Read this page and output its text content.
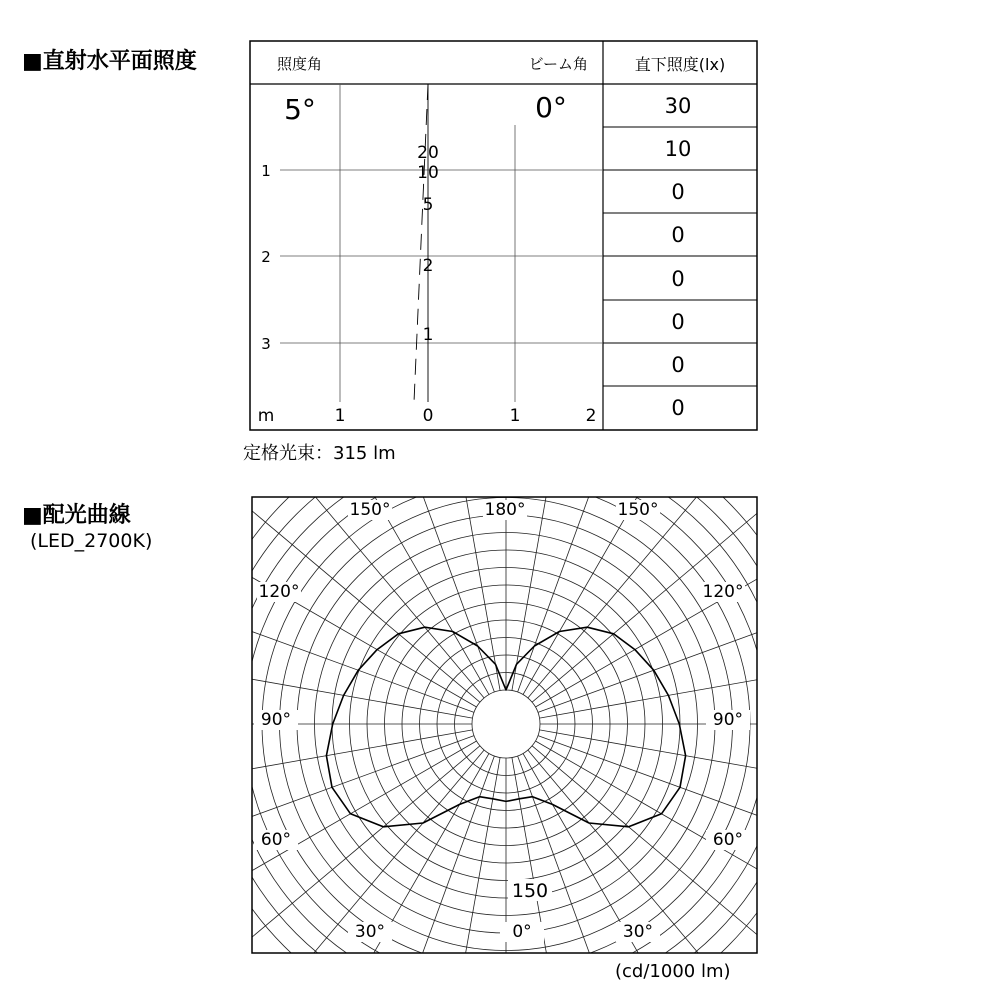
■直射水平面照度	照度角	ビーム角	直下照度(lx)
5°	0°
1
2
3
m	1	0	1	2
20
10
5
2
1
30
10
0
0
0
0
0
0
定格光束：315 lm
■配光曲線
(LED_2700K)
0°
30°	30°
60°	60°
90°	90°
120°	120°
150°	150°
180°
150
(cd/1000 lm)
